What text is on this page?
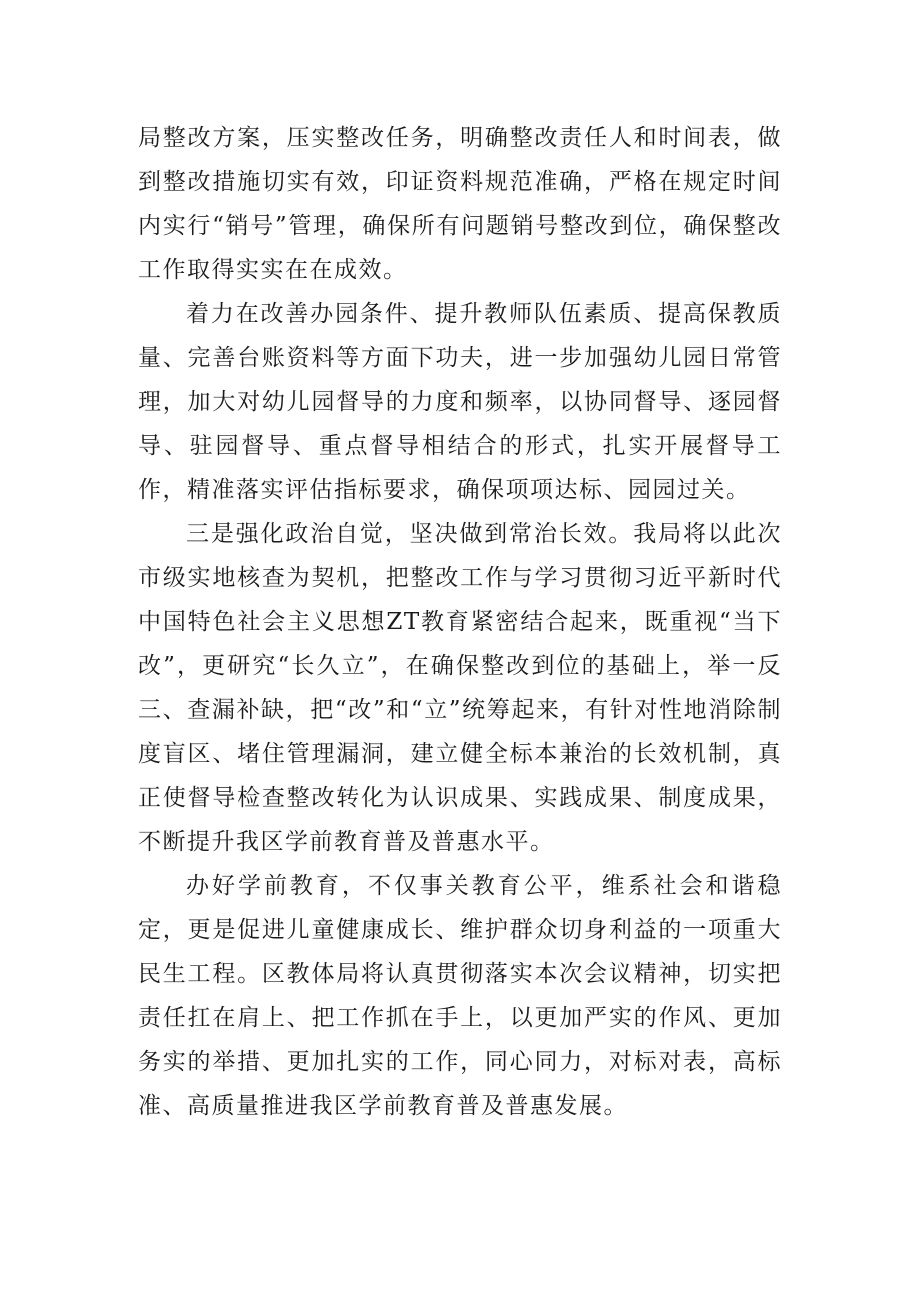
局整改方案，压实整改任务，明确整改责任人和时间表，做到整改措施切实有效，印证资料规范准确，严格在规定时间内实行“销号”管理，确保所有问题销号整改到位，确保整改工作取得实实在在成效。

着力在改善办园条件、提升教师队伍素质、提高保教质量、完善台账资料等方面下功夫，进一步加强幼儿园日常管理，加大对幼儿园督导的力度和频率，以协同督导、逐园督导、驻园督导、重点督导相结合的形式，扎实开展督导工作，精准落实评估指标要求，确保项项达标、园园过关。

三是强化政治自觉，坚决做到常治长效。我局将以此次市级实地核查为契机，把整改工作与学习贯彻习近平新时代中国特色社会主义思想ZT教育紧密结合起来，既重视“当下改”，更研究“长久立”，在确保整改到位的基础上，举一反三、查漏补缺，把“改”和“立”统筹起来，有针对性地消除制度盲区、堵住管理漏洞，建立健全标本兼治的长效机制，真正使督导检查整改转化为认识成果、实践成果、制度成果，不断提升我区学前教育普及普惠水平。

办好学前教育，不仅事关教育公平，维系社会和谐稳定，更是促进儿童健康成长、维护群众切身利益的一项重大民生工程。区教体局将认真贯彻落实本次会议精神，切实把责任扛在肩上、把工作抓在手上，以更加严实的作风、更加务实的举措、更加扎实的工作，同心同力，对标对表，高标准、高质量推进我区学前教育普及普惠发展。
